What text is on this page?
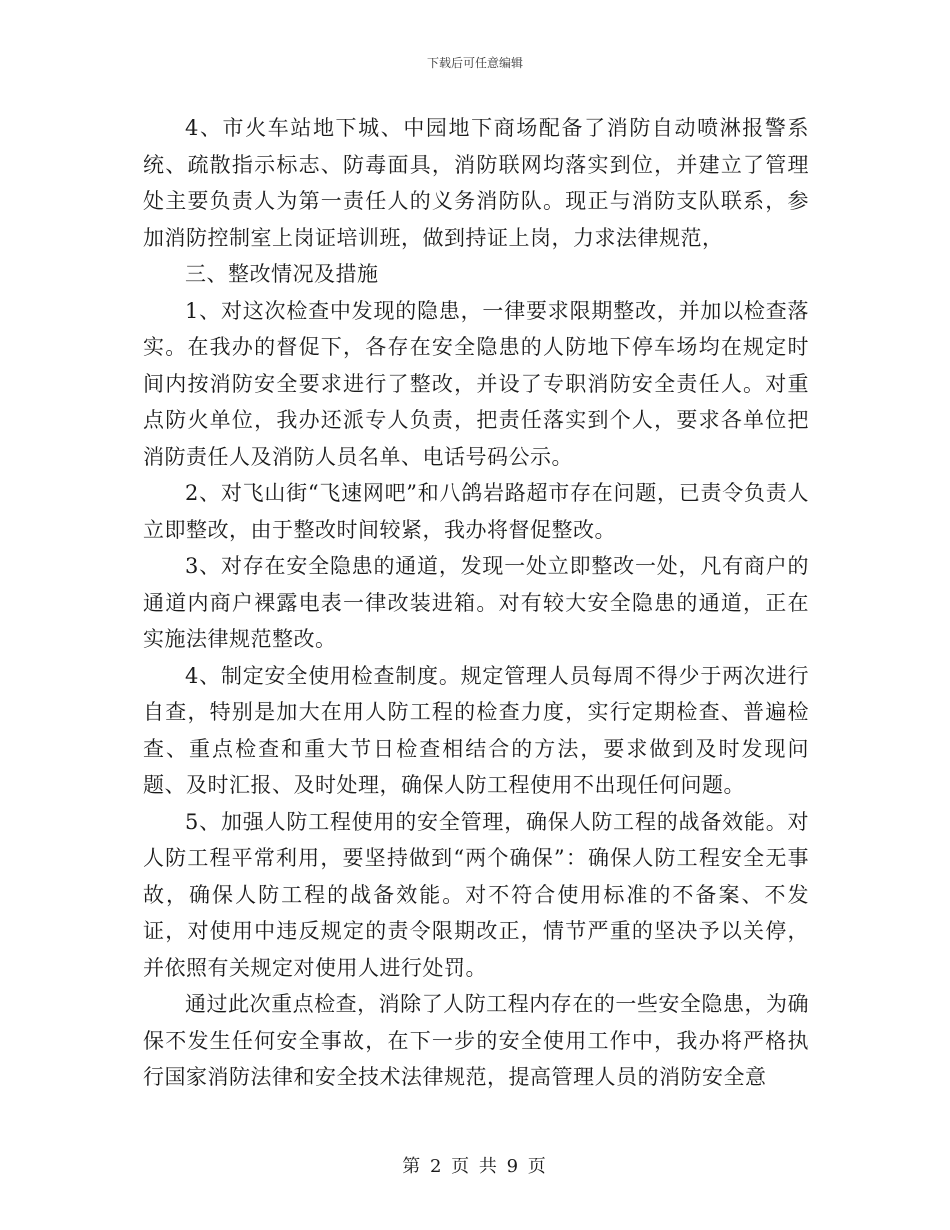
下载后可任意编辑

4、市火车站地下城、中园地下商场配备了消防自动喷淋报警系统、疏散指示标志、防毒面具，消防联网均落实到位，并建立了管理处主要负责人为第一责任人的义务消防队。现正与消防支队联系，参加消防控制室上岗证培训班，做到持证上岗，力求法律规范，

三、整改情况及措施

1、对这次检查中发现的隐患，一律要求限期整改，并加以检查落实。在我办的督促下，各存在安全隐患的人防地下停车场均在规定时间内按消防安全要求进行了整改，并设了专职消防安全责任人。对重点防火单位，我办还派专人负责，把责任落实到个人，要求各单位把消防责任人及消防人员名单、电话号码公示。

2、对飞山街“飞速网吧”和八鸽岩路超市存在问题，已责令负责人立即整改，由于整改时间较紧，我办将督促整改。

3、对存在安全隐患的通道，发现一处立即整改一处，凡有商户的通道内商户裸露电表一律改装进箱。对有较大安全隐患的通道，正在实施法律规范整改。

4、制定安全使用检查制度。规定管理人员每周不得少于两次进行自查，特别是加大在用人防工程的检查力度，实行定期检查、普遍检查、重点检查和重大节日检查相结合的方法，要求做到及时发现问题、及时汇报、及时处理，确保人防工程使用不出现任何问题。

5、加强人防工程使用的安全管理，确保人防工程的战备效能。对人防工程平常利用，要坚持做到“两个确保”：确保人防工程安全无事故，确保人防工程的战备效能。对不符合使用标准的不备案、不发证，对使用中违反规定的责令限期改正，情节严重的坚决予以关停，并依照有关规定对使用人进行处罚。

通过此次重点检查，消除了人防工程内存在的一些安全隐患，为确保不发生任何安全事故，在下一步的安全使用工作中，我办将严格执行国家消防法律和安全技术法律规范，提高管理人员的消防安全意

第 2 页 共 9 页
